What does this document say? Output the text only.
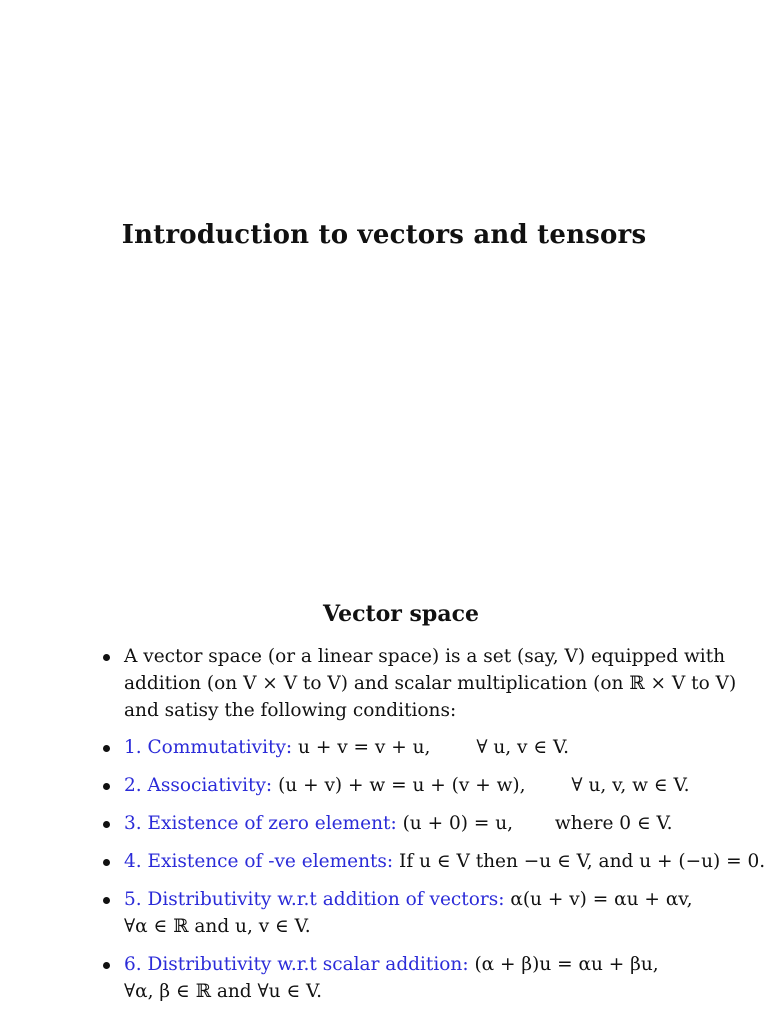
Introduction to vectors and tensors
Vector space
A vector space (or a linear space) is a set (say, V) equipped with
addition (on V × V to V) and scalar multiplication (on ℝ × V to V)
and satisy the following conditions:
1. Commutativity: u + v = v + u, ∀ u, v ∈ V.
2. Associativity: (u + v) + w = u + (v + w), ∀ u, v, w ∈ V.
3. Existence of zero element: (u + 0) = u, where 0 ∈ V.
4. Existence of -ve elements: If u ∈ V then −u ∈ V, and u + (−u) = 0.
5. Distributivity w.r.t addition of vectors: α(u + v) = αu + αv,
∀α ∈ ℝ and u, v ∈ V.
6. Distributivity w.r.t scalar addition: (α + β)u = αu + βu,
∀α, β ∈ ℝ and ∀u ∈ V.
